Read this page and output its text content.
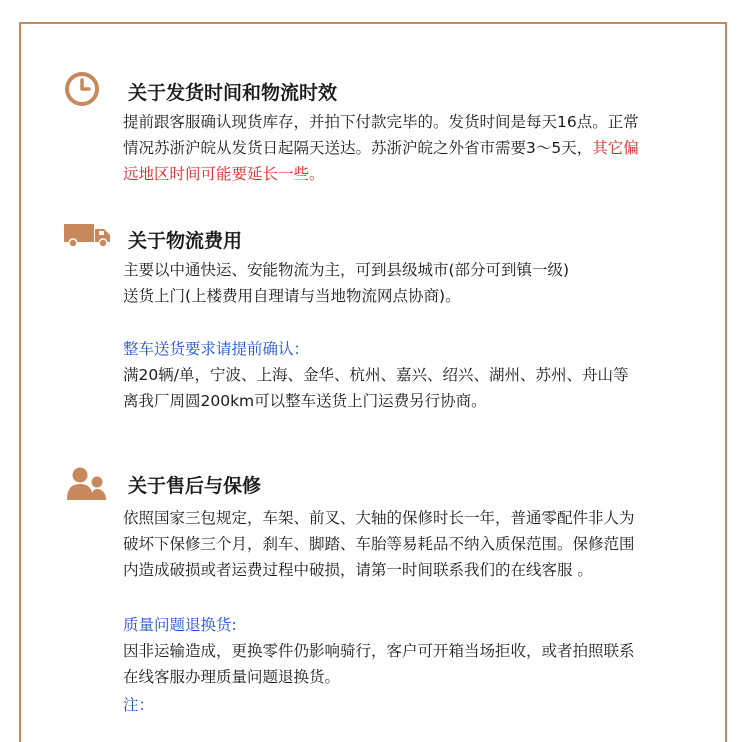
关于发货时间和物流时效
提前跟客服确认现货库存，并拍下付款完毕的。发货时间是每天16点。正常
情况苏浙沪皖从发货日起隔天送达。苏浙沪皖之外省市需要3～5天，其它偏
远地区时间可能要延长一些。
关于物流费用
主要以中通快运、安能物流为主，可到县级城市(部分可到镇一级)
送货上门(上楼费用自理请与当地物流网点协商)。
整车送货要求请提前确认：
满20辆/单，宁波、上海、金华、杭州、嘉兴、绍兴、湖州、苏州、舟山等
离我厂周圆200km可以整车送货上门运费另行协商。
关于售后与保修
依照国家三包规定，车架、前叉、大轴的保修时长一年，普通零配件非人为
破坏下保修三个月，刹车、脚踏、车胎等易耗品不纳入质保范围。保修范围
内造成破损或者运费过程中破损，请第一时间联系我们的在线客服 。
质量问题退换货:
因非运输造成，更换零件仍影响骑行，客户可开箱当场拒收，或者拍照联系
在线客服办理质量问题退换货。
注：
